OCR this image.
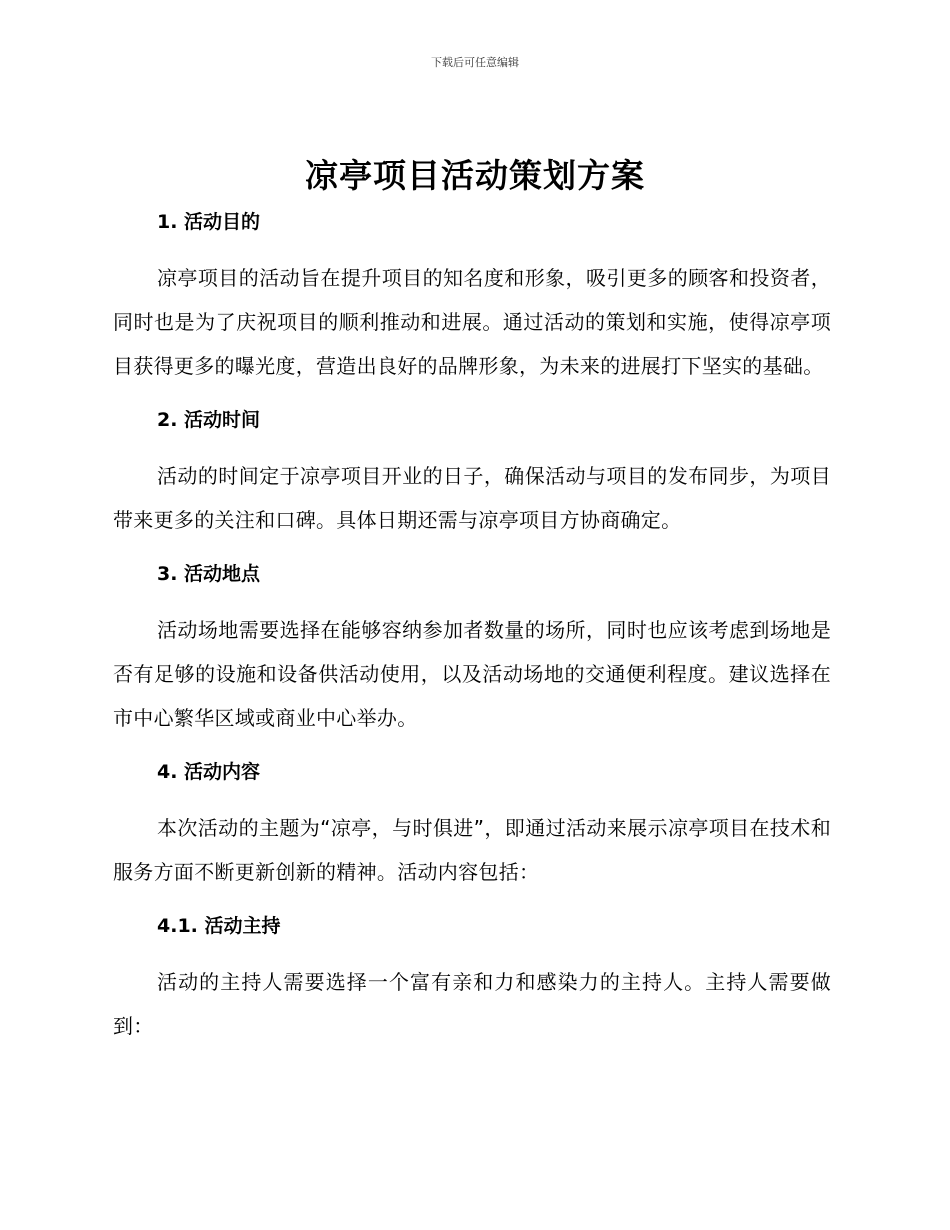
下载后可任意编辑
凉亭项目活动策划方案
1. 活动目的

凉亭项目的活动旨在提升项目的知名度和形象，吸引更多的顾客和投资者，同时也是为了庆祝项目的顺利推动和进展。通过活动的策划和实施，使得凉亭项目获得更多的曝光度，营造出良好的品牌形象，为未来的进展打下坚实的基础。

2. 活动时间

活动的时间定于凉亭项目开业的日子，确保活动与项目的发布同步，为项目带来更多的关注和口碑。具体日期还需与凉亭项目方协商确定。

3. 活动地点

活动场地需要选择在能够容纳参加者数量的场所，同时也应该考虑到场地是否有足够的设施和设备供活动使用，以及活动场地的交通便利程度。建议选择在市中心繁华区域或商业中心举办。

4. 活动内容

本次活动的主题为“凉亭，与时俱进”，即通过活动来展示凉亭项目在技术和服务方面不断更新创新的精神。活动内容包括：

4.1. 活动主持

活动的主持人需要选择一个富有亲和力和感染力的主持人。主持人需要做到：
